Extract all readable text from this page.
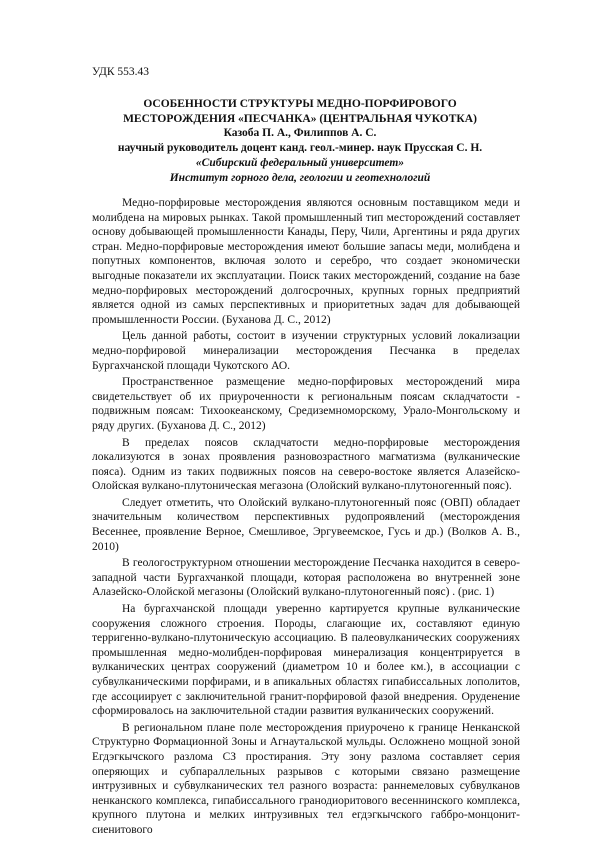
УДК 553.43
ОСОБЕННОСТИ СТРУКТУРЫ МЕДНО-ПОРФИРОВОГО
МЕСТОРОЖДЕНИЯ «ПЕСЧАНКА» (ЦЕНТРАЛЬНАЯ ЧУКОТКА)
Казоба П. А., Филиппов А. С.
научный руководитель доцент канд. геол.-минер. наук Прусская С. Н.
«Сибирский федеральный университет»
Институт горного дела, геологии и геотехнологий

Медно-порфировые месторождения являются основным поставщиком меди и молибдена на мировых рынках. Такой промышленный тип месторождений составляет основу добывающей промышленности Канады, Перу, Чили, Аргентины и ряда других стран. Медно-порфировые месторождения имеют большие запасы меди, молибдена и попутных компонентов, включая золото и серебро, что создает экономически выгодные показатели их эксплуатации. Поиск таких месторождений, создание на базе медно-порфировых месторождений долгосрочных, крупных горных предприятий является одной из самых перспективных и приоритетных задач для добывающей промышленности России. (Буханова Д. С., 2012)

Цель данной работы, состоит в изучении структурных условий локализации медно-порфировой минерализации месторождения Песчанка в пределах Бургахчанской площади Чукотского АО.

Пространственное размещение медно-порфировых месторождений мира свидетельствует об их приуроченности к региональным поясам складчатости - подвижным поясам: Тихоокеанскому, Средиземноморскому, Урало-Монгольскому и ряду других. (Буханова Д. С., 2012)

В пределах поясов складчатости медно-порфировые месторождения локализуются в зонах проявления разновозрастного магматизма (вулканические пояса). Одним из таких подвижных поясов на северо-востоке является Алазейско-Олойская вулкано-плутоническая мегазона (Олойский вулкано-плутоногенный пояс).

Следует отметить, что Олойский вулкано-плутоногенный пояс (ОВП) обладает значительным количеством перспективных рудопроявлений (месторождения Весеннее, проявление Верное, Смешливое, Эргувеемское, Гусь и др.) (Волков А. В., 2010)

В геологоструктурном отношении месторождение Песчанка находится в северо-западной части Бургахчанкой площади, которая расположена во внутренней зоне Алазейско-Олойской мегазоны (Олойский вулкано-плутоногенный пояс) . (рис. 1)

На бургахчанской площади уверенно картируется крупные вулканические сооружения сложного строения. Породы, слагающие их, составляют единую терригенно-вулкано-плутоническую ассоциацию. В палеовулканических сооружениях промышленная медно-молибден-порфировая минерализация концентрируется в вулканических центрах сооружений (диаметром 10 и более км.), в ассоциации с субвулканическими порфирами, и в апикальных областях гипабиссальных лополитов, где ассоциирует с заключительной гранит-порфировой фазой внедрения. Оруденение сформировалось на заключительной стадии развития вулканических сооружений.

В региональном плане поле месторождения приурочено к границе Ненканской Структурно Формационной Зоны и Агнаутальской мульды. Осложнено мощной зоной Егдэгкычского разлома СЗ простирания. Эту зону разлома составляет серия оперяющих и субпараллельных разрывов с которыми связано размещение интрузивных и субвулканических тел разного возраста: раннемеловых субвулканов ненканского комплекса, гипабиссального гранодиоритового весеннинского комплекса, крупного плутона и мелких интрузивных тел егдэгкычского габбро-монцонит-сиенитового
